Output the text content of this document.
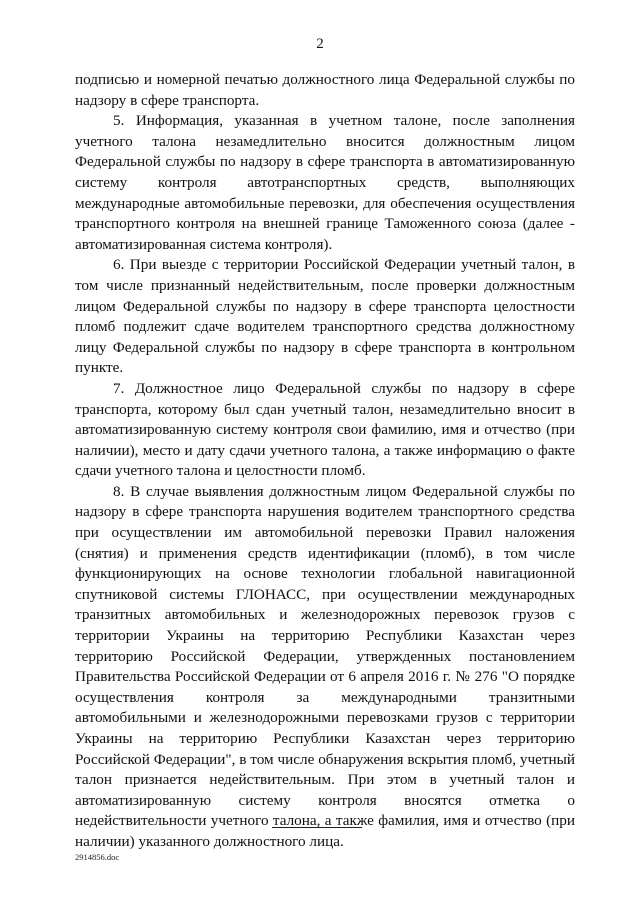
2

подписью и номерной печатью должностного лица Федеральной службы по надзору в сфере транспорта.

5. Информация, указанная в учетном талоне, после заполнения учетного талона незамедлительно вносится должностным лицом Федеральной службы по надзору в сфере транспорта в автоматизированную систему контроля автотранспортных средств, выполняющих международные автомобильные перевозки, для обеспечения осуществления транспортного контроля на внешней границе Таможенного союза (далее - автоматизированная система контроля).

6. При выезде с территории Российской Федерации учетный талон, в том числе признанный недействительным, после проверки должностным лицом Федеральной службы по надзору в сфере транспорта целостности пломб подлежит сдаче водителем транспортного средства должностному лицу Федеральной службы по надзору в сфере транспорта в контрольном пункте.

7. Должностное лицо Федеральной службы по надзору в сфере транспорта, которому был сдан учетный талон, незамедлительно вносит в автоматизированную систему контроля свои фамилию, имя и отчество (при наличии), место и дату сдачи учетного талона, а также информацию о факте сдачи учетного талона и целостности пломб.

8. В случае выявления должностным лицом Федеральной службы по надзору в сфере транспорта нарушения водителем транспортного средства при осуществлении им автомобильной перевозки Правил наложения (снятия) и применения средств идентификации (пломб), в том числе функционирующих на основе технологии глобальной навигационной спутниковой системы ГЛОНАСС, при осуществлении международных транзитных автомобильных и железнодорожных перевозок грузов с территории Украины на территорию Республики Казахстан через территорию Российской Федерации, утвержденных постановлением Правительства Российской Федерации от 6 апреля 2016 г. № 276 "О порядке осуществления контроля за международными транзитными автомобильными и железнодорожными перевозками грузов с территории Украины на территорию Республики Казахстан через территорию Российской Федерации", в том числе обнаружения вскрытия пломб, учетный талон признается недействительным. При этом в учетный талон и автоматизированную систему контроля вносятся отметка о недействительности учетного талона, а также фамилия, имя и отчество (при наличии) указанного должностного лица.

2914856.doc
